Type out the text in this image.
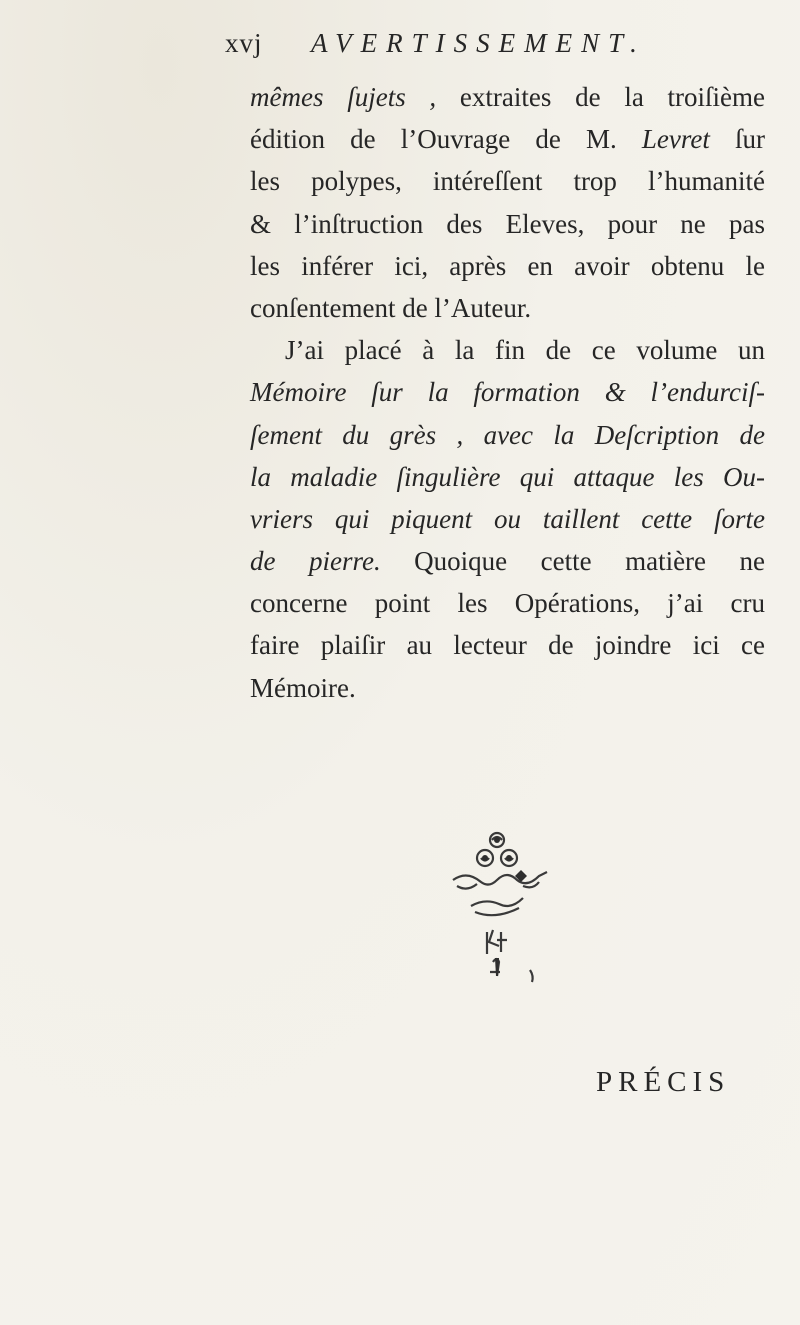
xvj AVERTISSEMENT.
mêmes ſujets , extraites de la troiſième
édition de l’Ouvrage de M. Levret ſur
les polypes, intéreſſent trop l’humanité
& l’inſtruction des Eleves, pour ne pas
les inférer ici, après en avoir obtenu le
conſentement de l’Auteur.
J’ai placé à la fin de ce volume un
Mémoire ſur la formation & l’endurciſ-
ſement du grès , avec la Deſcription de
la maladie ſingulière qui attaque les Ou-
vriers qui piquent ou taillent cette ſorte
de pierre. Quoique cette matière ne
concerne point les Opérations, j’ai cru
faire plaiſir au lecteur de joindre ici ce
Mémoire.
PRÉCIS
